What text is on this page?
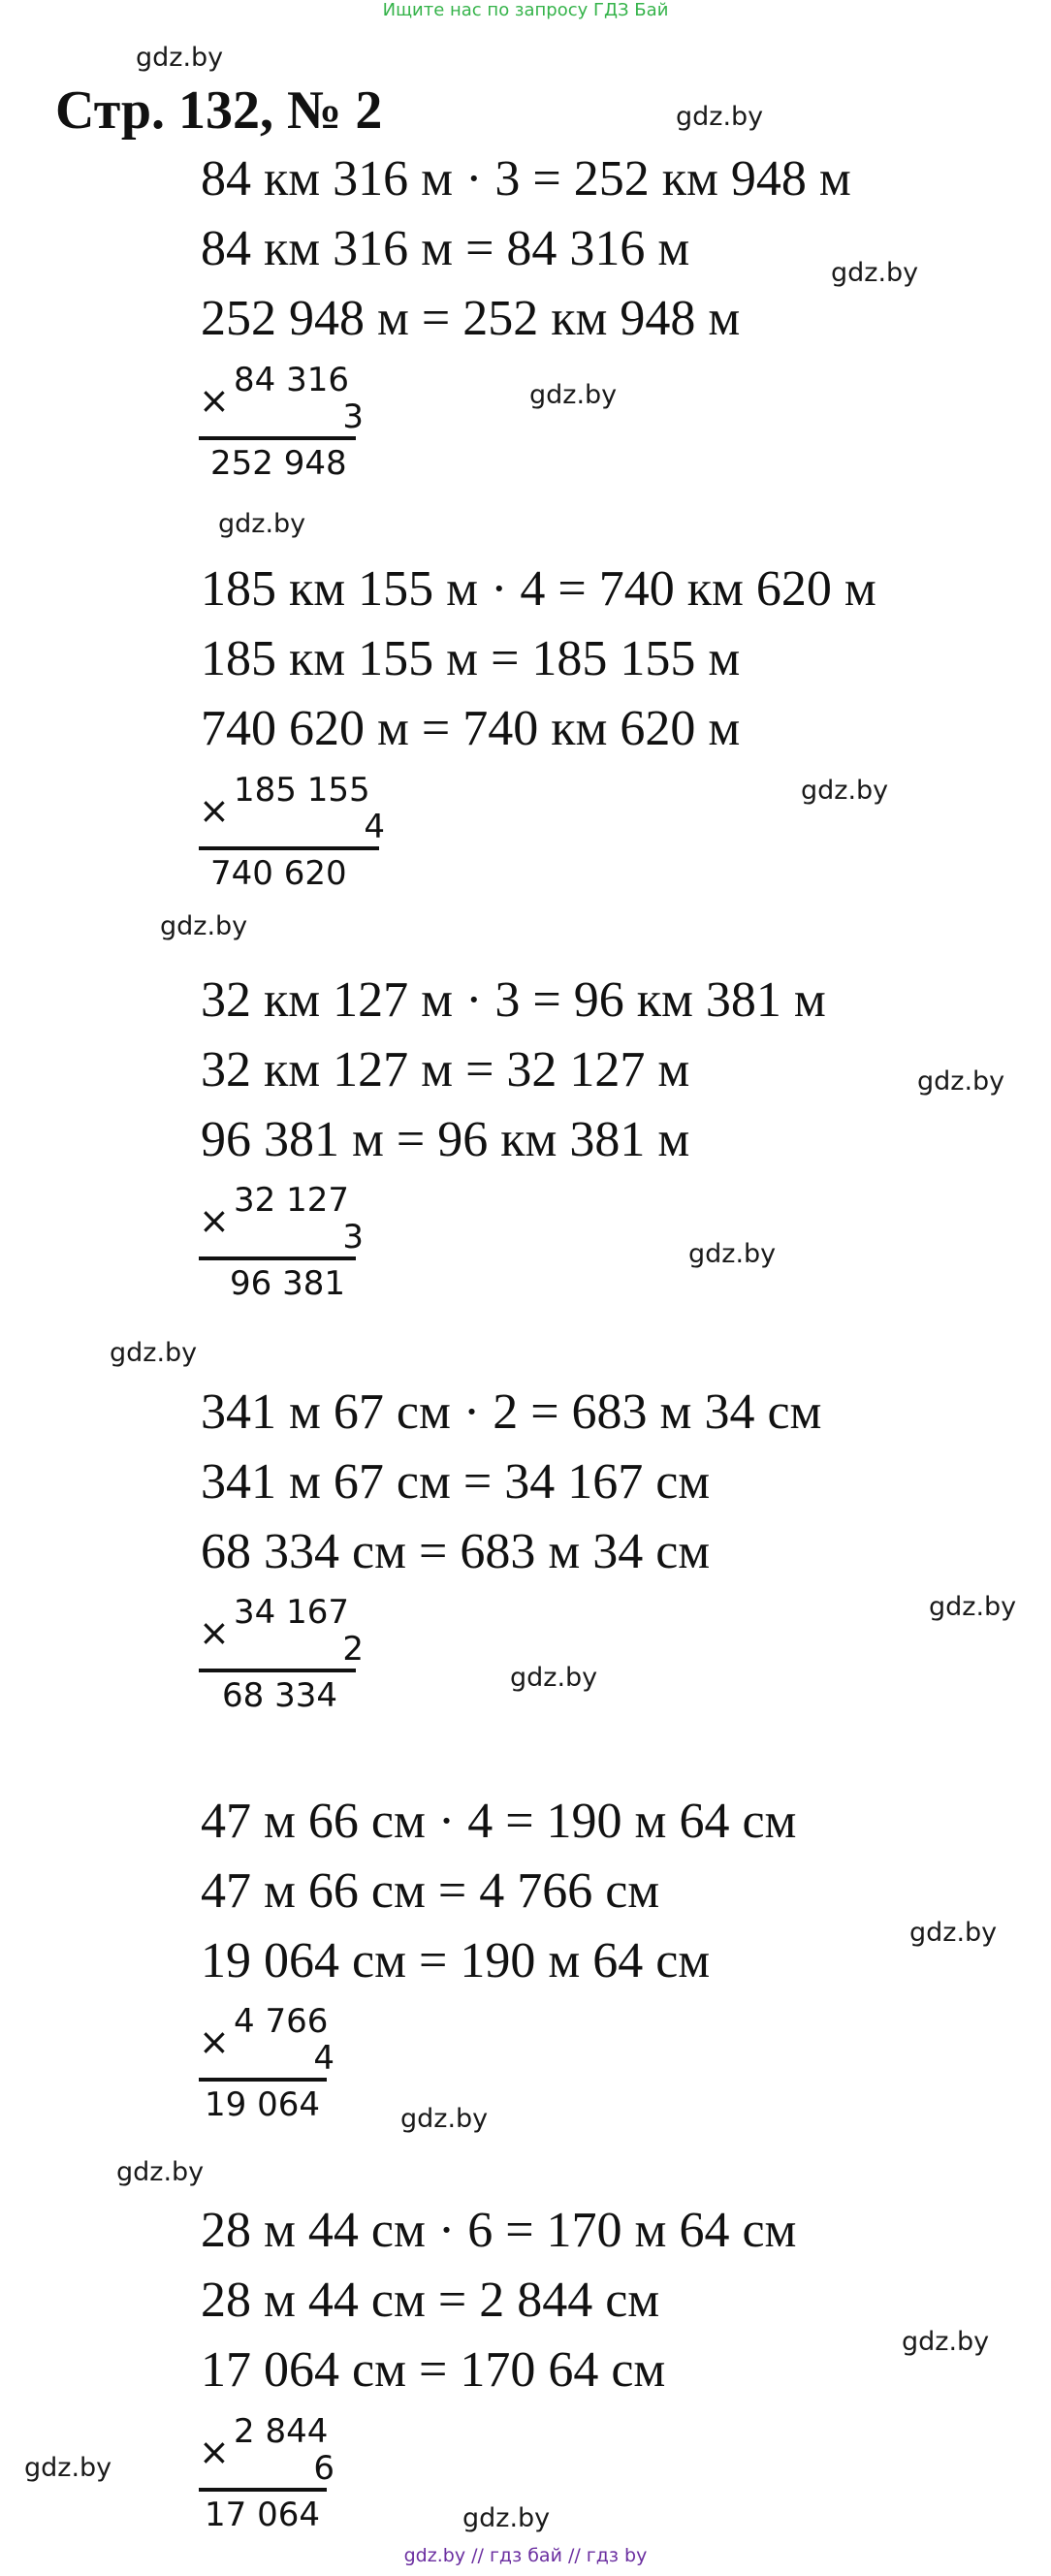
Ищите нас по запросу ГДЗ Бай
Стр. 132, № 2
84 км 316 м · 3 = 252 км 948 м
84 км 316 м = 84 316 м
252 948 м = 252 км 948 м
× 84 316
3
252 948
185 км 155 м · 4 = 740 км 620 м
185 км 155 м = 185 155 м
740 620 м = 740 км 620 м
× 185 155
4
740 620
32 км 127 м · 3 = 96 км 381 м
32 км 127 м = 32 127 м
96 381 м = 96 км 381 м
× 32 127
3
96 381
341 м 67 см · 2 = 683 м 34 см
341 м 67 см = 34 167 см
68 334 см = 683 м 34 см
× 34 167
2
68 334
47 м 66 см · 4 = 190 м 64 см
47 м 66 см = 4 766 см
19 064 см = 190 м 64 см
× 4 766
4
19 064
28 м 44 см · 6 = 170 м 64 см
28 м 44 см = 2 844 см
17 064 см = 170 64 см
× 2 844
6
17 064
gdz.by
gdz.by
gdz.by
gdz.by
gdz.by
gdz.by
gdz.by
gdz.by
gdz.by
gdz.by
gdz.by
gdz.by
gdz.by
gdz.by
gdz.by
gdz.by
gdz.by
gdz.by
gdz.by // гдз бай // гдз by
